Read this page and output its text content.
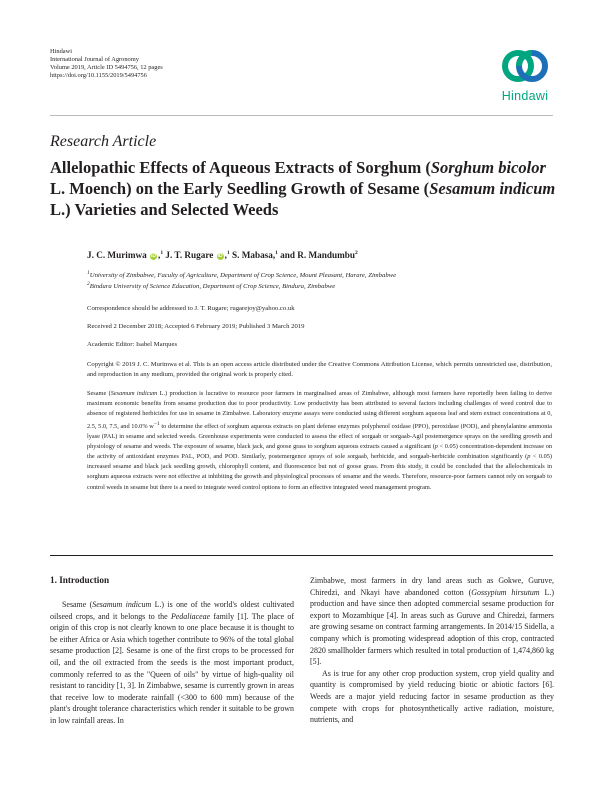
Hindawi
International Journal of Agronomy
Volume 2019, Article ID 5494756, 12 pages
https://doi.org/10.1155/2019/5494756
Hindawi
Research Article
Allelopathic Effects of Aqueous Extracts of Sorghum (Sorghum bicolor L. Moench) on the Early Seedling Growth of Sesame (Sesamum indicum L.) Varieties and Selected Weeds
J. C. Murimwa iD ,$^1$ J. T. Rugare iD ,$^1$ S. Mabasa,$^1$ and R. Mandumbu$^2$
$^1$University of Zimbabwe, Faculty of Agriculture, Department of Crop Science, Mount Pleasant, Harare, Zimbabwe
$^2$Bindura University of Science Education, Department of Crop Science, Bindura, Zimbabwe
Correspondence should be addressed to J. T. Rugare; rugarejoy@yahoo.co.uk
Received 2 December 2018; Accepted 6 February 2019; Published 3 March 2019
Academic Editor: Isabel Marques
Copyright © 2019 J. C. Murimwa et al. This is an open access article distributed under the Creative Commons Attribution License, which permits unrestricted use, distribution, and reproduction in any medium, provided the original work is properly cited.
Sesame (Sesamum indicum L.) production is lucrative to resource poor farmers in marginalised areas of Zimbabwe, although most farmers have reportedly been failing to derive maximum economic benefits from sesame production due to poor productivity. Low productivity has been attributed to several factors including challenges of weed control due to absence of registered herbicides for use in sesame in Zimbabwe. Laboratory enzyme assays were conducted using different sorghum aqueous leaf and stem extract concentrations at 0, 2.5, 5.0, 7.5, and 10.0% $w^{-1}$ to determine the effect of sorghum aqueous extracts on plant defense enzymes polyphenol oxidase (PPO), peroxidase (POD), and phenylalanine ammonia lyase (PAL) in sesame and selected weeds. Greenhouse experiments were conducted to assess the effect of sorgaab or sorgaab-Agil postemergence sprays on the seedling growth and physiology of sesame and weeds. The exposure of sesame, black jack, and goose grass to sorghum aqueous extracts caused a significant (p < 0.05) concentration-dependent increase on the activity of antioxidant enzymes PAL, POD, and POD. Similarly, postemergence sprays of sole sorgaab, herbicide, and sorgaab-herbicide combination significantly (p < 0.05) increased sesame and black jack seedling growth, chlorophyll content, and fluorescence but not of goose grass. From this study, it could be concluded that the allelochemicals in sorghum aqueous extracts were not effective at inhibiting the growth and physiological processes of sesame and the weeds. Therefore, resource-poor farmers cannot rely on sorgaab to control weeds in sesame but there is a need to integrate weed control options to form an effective integrated weed management program.
1. Introduction

Sesame (Sesamum indicum L.) is one of the world's oldest cultivated oilseed crops, and it belongs to the Pedaliaceae family [1]. The place of origin of this crop is not clearly known to one place because it is thought to be either Africa or Asia which together contribute to 96% of the total global sesame production [2]. Sesame is one of the first crops to be processed for oil, and the oil extracted from the seeds is the most important product, commonly referred to as the "Queen of oils" by virtue of high-quality oil resistant to rancidity [1, 3]. In Zimbabwe, sesame is currently grown in areas that receive low to moderate rainfall (<300 to 600 mm) because of the plant's drought tolerance characteristics which render it suitable to be grown in low rainfall areas. In

Zimbabwe, most farmers in dry land areas such as Gokwe, Guruve, Chiredzi, and Nkayi have abandoned cotton (Gossypium hirsutum L.) production and have since then adopted commercial sesame production for export to Mozambique [4]. In areas such as Guruve and Chiredzi, farmers are growing sesame on contract farming arrangements. In 2014/15 Sidella, a company which is promoting widespread adoption of this crop, contracted 2820 smallholder farmers which resulted in total production of 1,474,860 kg [5].

As is true for any other crop production system, crop yield quality and quantity is compromised by yield reducing biotic or abiotic factors [6]. Weeds are a major yield reducing factor in sesame production as they compete with crops for photosynthetically active radiation, moisture, nutrients, and
